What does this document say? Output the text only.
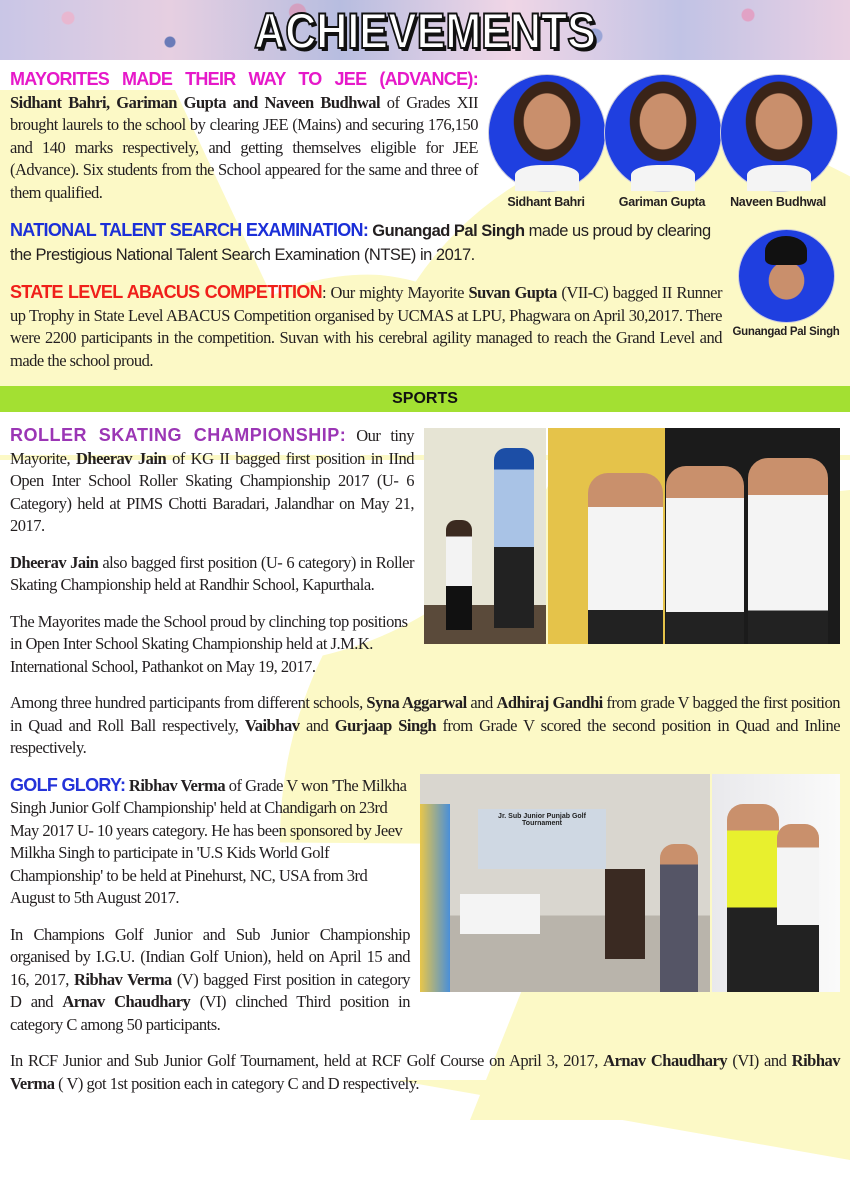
ACHIEVEMENTS
Sidhant Bahri	Gariman Gupta	Naveen Budhwal

MAYORITES MADE THEIR WAY TO JEE (ADVANCE): Sidhant Bahri, Gariman Gupta and Naveen Budhwal of Grades XII brought laurels to the school by clearing JEE (Mains) and securing 176,150 and 140 marks respectively, and getting themselves eligible for JEE (Advance). Six students from the School appeared for the same and three of them qualified.

Gunangad Pal Singh

NATIONAL TALENT SEARCH EXAMINATION: Gunangad Pal Singh made us proud by clearing the Prestigious National Talent Search Examination (NTSE) in 2017.

STATE LEVEL ABACUS COMPETITION: Our mighty Mayorite Suvan Gupta (VII-C) bagged II Runner up Trophy in State Level ABACUS Competition organised by UCMAS at LPU, Phagwara on April 30,2017. There were 2200 participants in the competition. Suvan with his cerebral agility managed to reach the Grand Level and made the school proud.

SPORTS

ROLLER SKATING CHAMPIONSHIP: Our tiny Mayorite, Dheerav Jain of KG II bagged first position in IInd Open Inter School Roller Skating Championship 2017 (U- 6 Category) held at PIMS Chotti Baradari, Jalandhar on May 21, 2017.

Dheerav Jain also bagged first position (U- 6 category) in Roller Skating Championship held at Randhir School, Kapurthala.

The Mayorites made the School proud by clinching top positions in Open Inter School Skating Championship held at J.M.K. International School, Pathankot on May 19, 2017.

Among three hundred participants from different schools, Syna Aggarwal and Adhiraj Gandhi from grade V bagged the first position in Quad and Roll Ball respectively, Vaibhav and Gurjaap Singh from Grade V scored the second position in Quad and Inline respectively.

Jr. Sub Junior Punjab Golf Tournament

GOLF GLORY: Ribhav Verma of Grade V won 'The Milkha Singh Junior Golf Championship' held at Chandigarh on 23rd May 2017 U- 10 years category. He has been sponsored by Jeev Milkha Singh to participate in 'U.S Kids World Golf Championship' to be held at Pinehurst, NC, USA from 3rd August to 5th August 2017.

In Champions Golf Junior and Sub Junior Championship organised by I.G.U. (Indian Golf Union), held on April 15 and 16, 2017, Ribhav Verma (V) bagged First position in category D and Arnav Chaudhary (VI) clinched Third position in category C among 50 participants.

In RCF Junior and Sub Junior Golf Tournament, held at RCF Golf Course on April 3, 2017, Arnav Chaudhary (VI) and Ribhav Verma ( V) got 1st position each in category C and D respectively.
